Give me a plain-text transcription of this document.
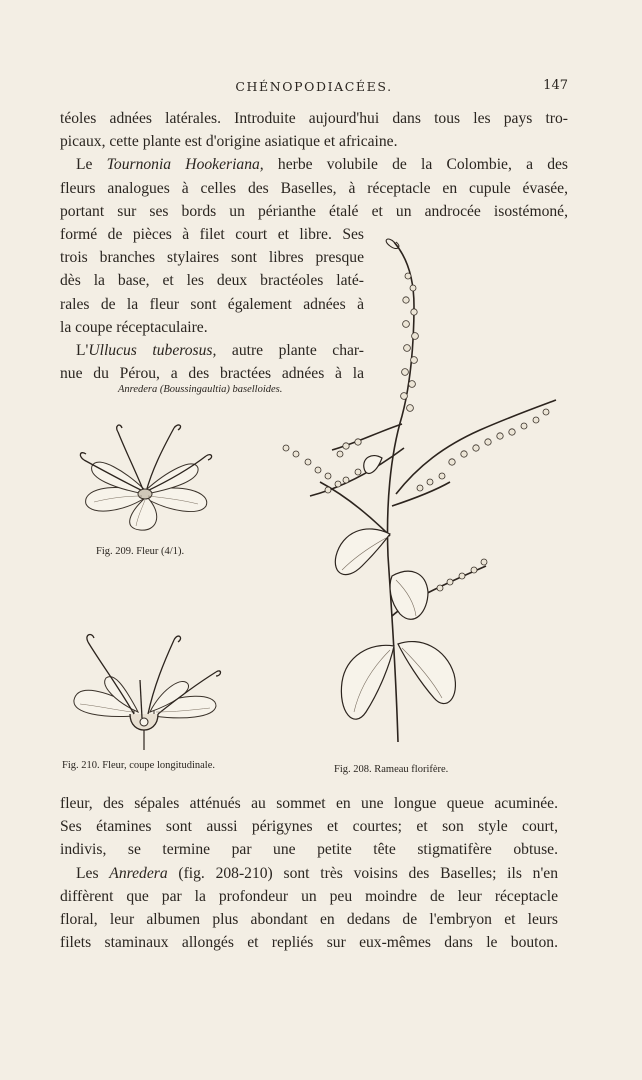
CHÉNOPODIACÉES.	147
téoles adnées latérales. Introduite aujourd'hui dans tous les pays tro-
picaux, cette plante est d'origine asiatique et africaine.
Le Tournonia Hookeriana, herbe volubile de la Colombie, a des
fleurs analogues à celles des Baselles, à réceptacle en cupule évasée,
portant sur ses bords un périanthe étalé et un androcée isostémoné,
formé de pièces à filet court et libre. Ses
trois branches stylaires sont libres presque
dès la base, et les deux bractéoles laté-
rales de la fleur sont également adnées à
la coupe réceptaculaire.
L'Ullucus tuberosus, autre plante char-
nue du Pérou, a des bractées adnées à la
Anredera (Boussingaultia) baselloides.
Fig. 209. Fleur (4/1).
Fig. 210. Fleur, coupe longitudinale.	Fig. 208. Rameau florifère.
fleur, des sépales atténués au sommet en une longue queue acuminée.
Ses étamines sont aussi périgynes et courtes; et son style court,
indivis, se termine par une petite tête stigmatifère obtuse.
Les Anredera (fig. 208-210) sont très voisins des Baselles; ils n'en
diffèrent que par la profondeur un peu moindre de leur réceptacle
floral, leur albumen plus abondant en dedans de l'embryon et leurs
filets staminaux allongés et repliés sur eux-mêmes dans le bouton.
